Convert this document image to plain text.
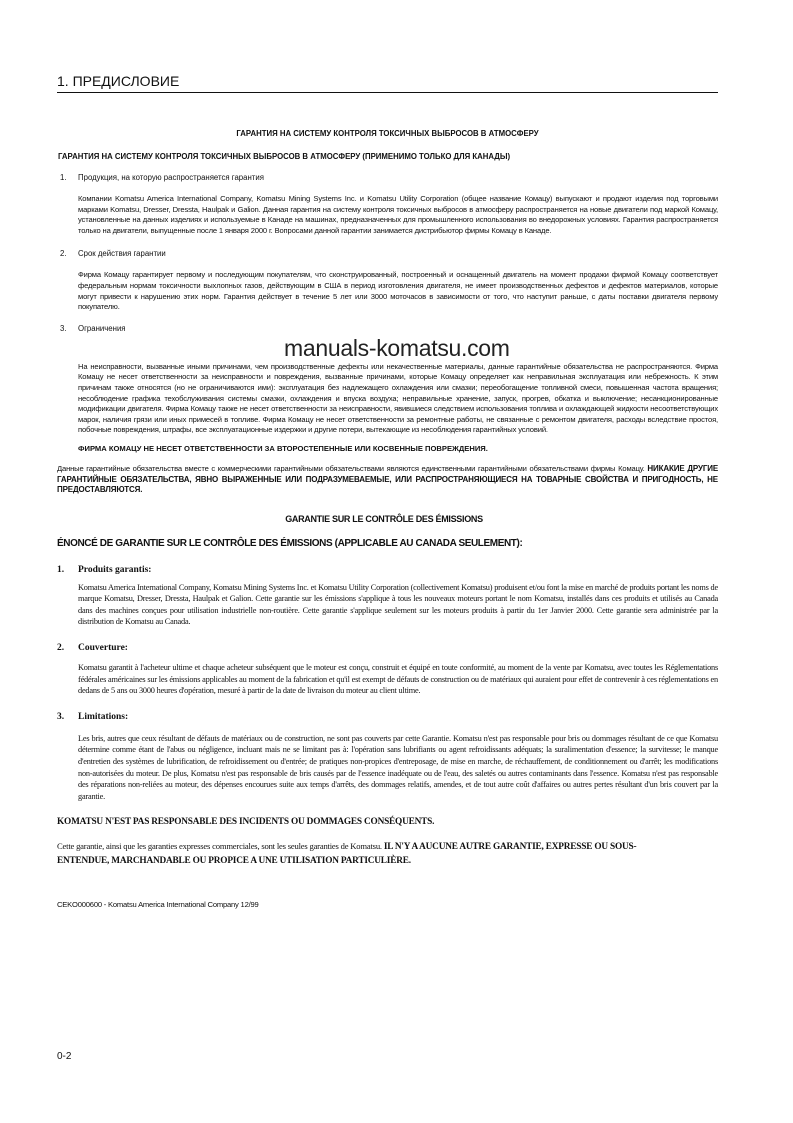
1. ПРЕДИСЛОВИЕ
ГАРАНТИЯ НА СИСТЕМУ КОНТРОЛЯ ТОКСИЧНЫХ ВЫБРОСОВ В АТМОСФЕРУ
ГАРАНТИЯ НА СИСТЕМУ КОНТРОЛЯ ТОКСИЧНЫХ ВЫБРОСОВ В АТМОСФЕРУ (ПРИМЕНИМО ТОЛЬКО ДЛЯ КАНАДЫ)
1.	Продукция, на которую распространяется гарантия
Компании Komatsu America International Company, Komatsu Mining Systems Inc. и Komatsu Utility Corporation (общее название Комацу) выпускают и продают изделия под торговыми марками Komatsu, Dresser, Dressta, Haulpak и Galion. Данная гарантия на систему контроля токсичных выбросов в атмосферу распространяется на новые двигатели под маркой Комацу, установленные на данных изделиях и используемые в Канаде на машинах, предназначенных для промышленного использования во внедорожных условиях. Гарантия распространяется только на двигатели, выпущенные после 1 января 2000 г. Вопросами данной гарантии занимается дистрибьютор фирмы Комацу в Канаде.
2.	Срок действия гарантии
Фирма Комацу гарантирует первому и последующим покупателям, что сконструированный, построенный и оснащенный двигатель на момент продажи фирмой Комацу соответствует федеральным нормам токсичности выхлопных газов, действующим в США в период изготовления двигателя, не имеет производственных дефектов и дефектов материалов, которые могут привести к нарушению этих норм. Гарантия действует в течение 5 лет или 3000 моточасов в зависимости от того, что наступит раньше, с даты поставки двигателя первому покупателю.
3.	Ограничения
manuals-komatsu.com
На неисправности, вызванные иными причинами, чем производственные дефекты или некачественные материалы, данные гарантийные обязательства не распространяются. Фирма Комацу не несет ответственности за неисправности и повреждения, вызванные причинами, которые Комацу определяет как неправильная эксплуатация или небрежность. К этим причинам также относятся (но не ограничиваются ими): эксплуатация без надлежащего охлаждения или смазки; переобогащение топливной смеси, повышенная частота вращения; несоблюдение графика техобслуживания системы смазки, охлаждения и впуска воздуха; неправильные хранение, запуск, прогрев, обкатка и выключение; несанкционированные модификации двигателя. Фирма Комацу также не несет ответственности за неисправности, явившиеся следствием использования топлива и охлаждающей жидкости несоответствующих марок, наличия грязи или иных примесей в топливе. Фирма Комацу не несет ответственности за ремонтные работы, не связанные с ремонтом двигателя, расходы вследствие простоя, побочные повреждения, штрафы, все эксплуатационные издержки и другие потери, вытекающие из несоблюдения гарантийных условий.
ФИРМА КОМАЦУ НЕ НЕСЕТ ОТВЕТСТВЕННОСТИ ЗА ВТОРОСТЕПЕННЫЕ ИЛИ КОСВЕННЫЕ ПОВРЕЖДЕНИЯ.
Данные гарантийные обязательства вместе с коммерческими гарантийными обязательствами являются единственными гарантийными обязательствами фирмы Комацу. НИКАКИЕ ДРУГИЕ ГАРАНТИЙНЫЕ ОБЯЗАТЕЛЬСТВА, ЯВНО ВЫРАЖЕННЫЕ ИЛИ ПОДРАЗУМЕВАЕМЫЕ, ИЛИ РАСПРОСТРАНЯЮЩИЕСЯ НА ТОВАРНЫЕ СВОЙСТВА И ПРИГОДНОСТЬ, НЕ ПРЕДОСТАВЛЯЮТСЯ.
GARANTIE SUR LE CONTRÔLE DES ÉMISSIONS
ÉNONCÉ DE GARANTIE SUR LE CONTRÔLE DES ÉMISSIONS (APPLICABLE AU CANADA SEULEMENT):
1.	Produits garantis:
Komatsu America International Company, Komatsu Mining Systems Inc. et Komatsu Utility Corporation (collectivement Komatsu) produisent et/ou font la mise en marché de produits portant les noms de marque Komatsu, Dresser, Dressta, Haulpak et Galion. Cette garantie sur les émissions s'applique à tous les nouveaux moteurs portant le nom Komatsu, installés dans ces produits et utilisés au Canada dans des machines conçues pour utilisation industrielle non-routière. Cette garantie s'applique seulement sur les moteurs produits à partir du 1er Janvier 2000. Cette garantie sera administrée par la distribution de Komatsu au Canada.
2.	Couverture:
Komatsu garantit à l'acheteur ultime et chaque acheteur subséquent que le moteur est conçu, construit et équipé en toute conformité, au moment de la vente par Komatsu, avec toutes les Réglementations fédérales américaines sur les émissions applicables au moment de la fabrication et qu'il est exempt de défauts de construction ou de matériaux qui auraient pour effet de contrevenir à ces réglementations en dedans de 5 ans ou 3000 heures d'opération, mesuré à partir de la date de livraison du moteur au client ultime.
3.	Limitations:
Les bris, autres que ceux résultant de défauts de matériaux ou de construction, ne sont pas couverts par cette Garantie. Komatsu n'est pas responsable pour bris ou dommages résultant de ce que Komatsu détermine comme étant de l'abus ou négligence, incluant mais ne se limitant pas à: l'opération sans lubrifiants ou agent refroidissants adéquats; la suralimentation d'essence; la survitesse; le manque d'entretien des systèmes de lubrification, de refroidissement ou d'entrée; de pratiques non-propices d'entreposage, de mise en marche, de réchauffement, de conditionnement ou d'arrêt; les modifications non-autorisées du moteur. De plus, Komatsu n'est pas responsable de bris causés par de l'essence inadéquate ou de l'eau, des saletés ou autres contaminants dans l'essence. Komatsu n'est pas responsable des réparations non-reliées au moteur, des dépenses encourues suite aux temps d'arrêts, des dommages relatifs, amendes, et de tout autre coût d'affaires ou autres pertes résultant d'un bris couvert par la garantie.
KOMATSU N'EST PAS RESPONSABLE DES INCIDENTS OU DOMMAGES CONSÉQUENTS.
Cette garantie, ainsi que les garanties expresses commerciales, sont les seules garanties de Komatsu. IL N'Y A AUCUNE AUTRE GARANTIE, EXPRESSE OU SOUS-ENTENDUE, MARCHANDABLE OU PROPICE A UNE UTILISATION PARTICULIÈRE.
CEKO000600 - Komatsu America International Company 12/99
0-2
